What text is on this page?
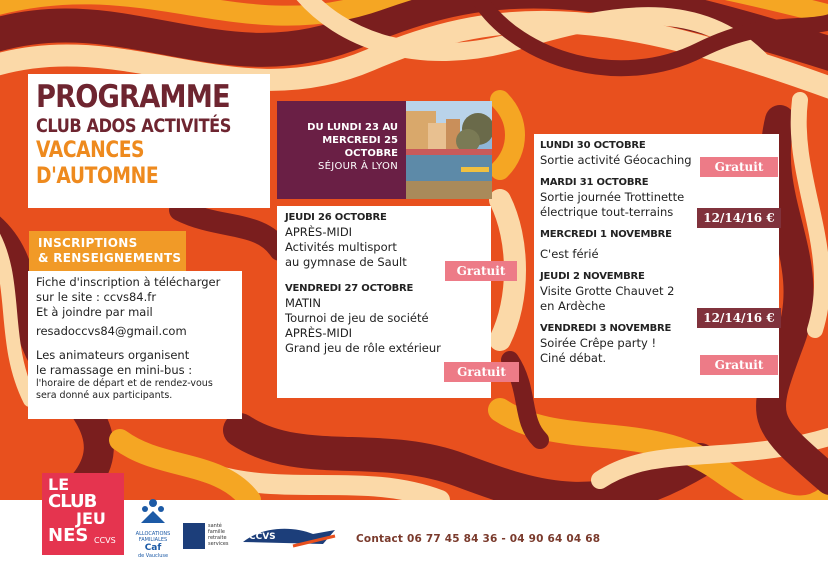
PROGRAMME
CLUB ADOS ACTIVITÉS
VACANCES
D'AUTOMNE
INSCRIPTIONS
& RENSEIGNEMENTS

Fiche d'inscription à télécharger

sur le site : ccvs84.fr

Et à joindre par mail

resadoccvs84@gmail.com

Les animateurs organisent

le ramassage en mini-bus :

l'horaire de départ et de rendez-vous

sera donné aux participants.

DU LUNDI 23 AU
MERCREDI 25 OCTOBRE
SÉJOUR À LYON
JEUDI 26 OCTOBRE
APRÈS-MIDI
Activités multisport
au gymnase de Sault
VENDREDI 27 OCTOBRE
MATIN
Tournoi de jeu de société
APRÈS-MIDI
Grand jeu de rôle extérieur
LUNDI 30 OCTOBRE
Sortie activité Géocaching
MARDI 31 OCTOBRE
Sortie journée Trottinette
électrique tout-terrains
MERCREDI 1 NOVEMBRE
C'est férié
JEUDI 2 NOVEMBRE
Visite Grotte Chauvet 2
en Ardèche
VENDREDI 3 NOVEMBRE
Soirée Crêpe party !
Ciné débat.
Gratuit
Gratuit
Gratuit
12/14/16 €
12/14/16 €
Gratuit
LE
CLUB
JEU
NES CCVS
ALLOCATIONS
FAMILIALES
Caf
de Vaucluse
santé
famille
retraite
services
CCVS	Contact 06 77 45 84 36 - 04 90 64 04 68
